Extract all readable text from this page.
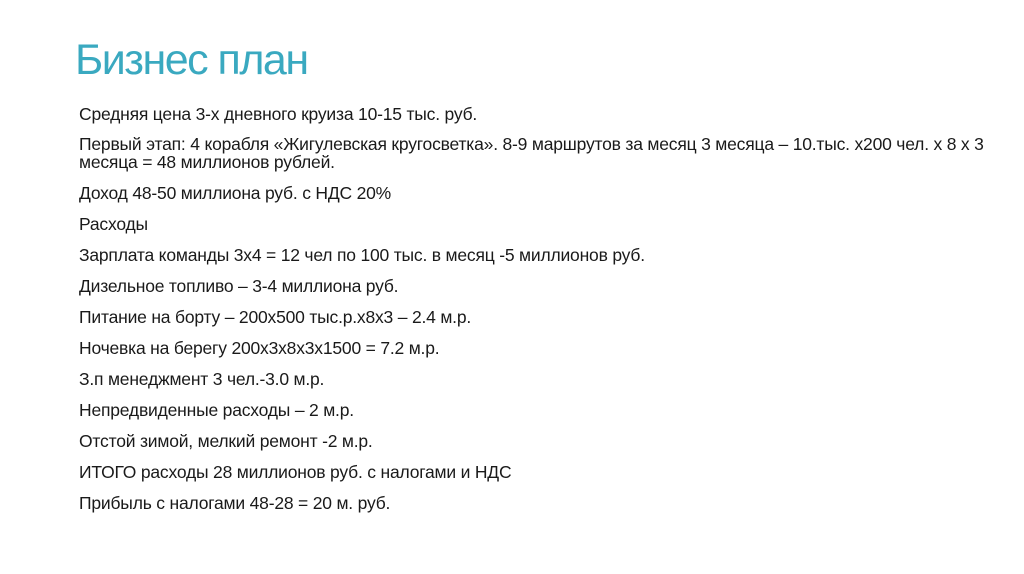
Бизнес план
Средняя цена 3-х дневного круиза 10-15 тыс. руб.
Первый этап: 4 корабля «Жигулевская кругосветка». 8-9 маршрутов за месяц 3 месяца – 10.тыс. х200 чел. х 8 х 3 месяца = 48 миллионов рублей.
Доход 48-50 миллиона руб. с НДС 20%
Расходы
Зарплата команды 3х4 = 12 чел по 100 тыс. в месяц -5 миллионов руб.
Дизельное топливо – 3-4 миллиона руб.
Питание на борту – 200х500 тыс.р.х8х3 – 2.4 м.р.
Ночевка на берегу 200х3х8х3х1500 = 7.2 м.р.
З.п менеджмент 3 чел.-3.0 м.р.
Непредвиденные расходы – 2 м.р.
Отстой зимой, мелкий ремонт -2 м.р.
ИТОГО расходы 28 миллионов руб. с налогами и НДС
Прибыль с налогами 48-28 = 20 м. руб.
